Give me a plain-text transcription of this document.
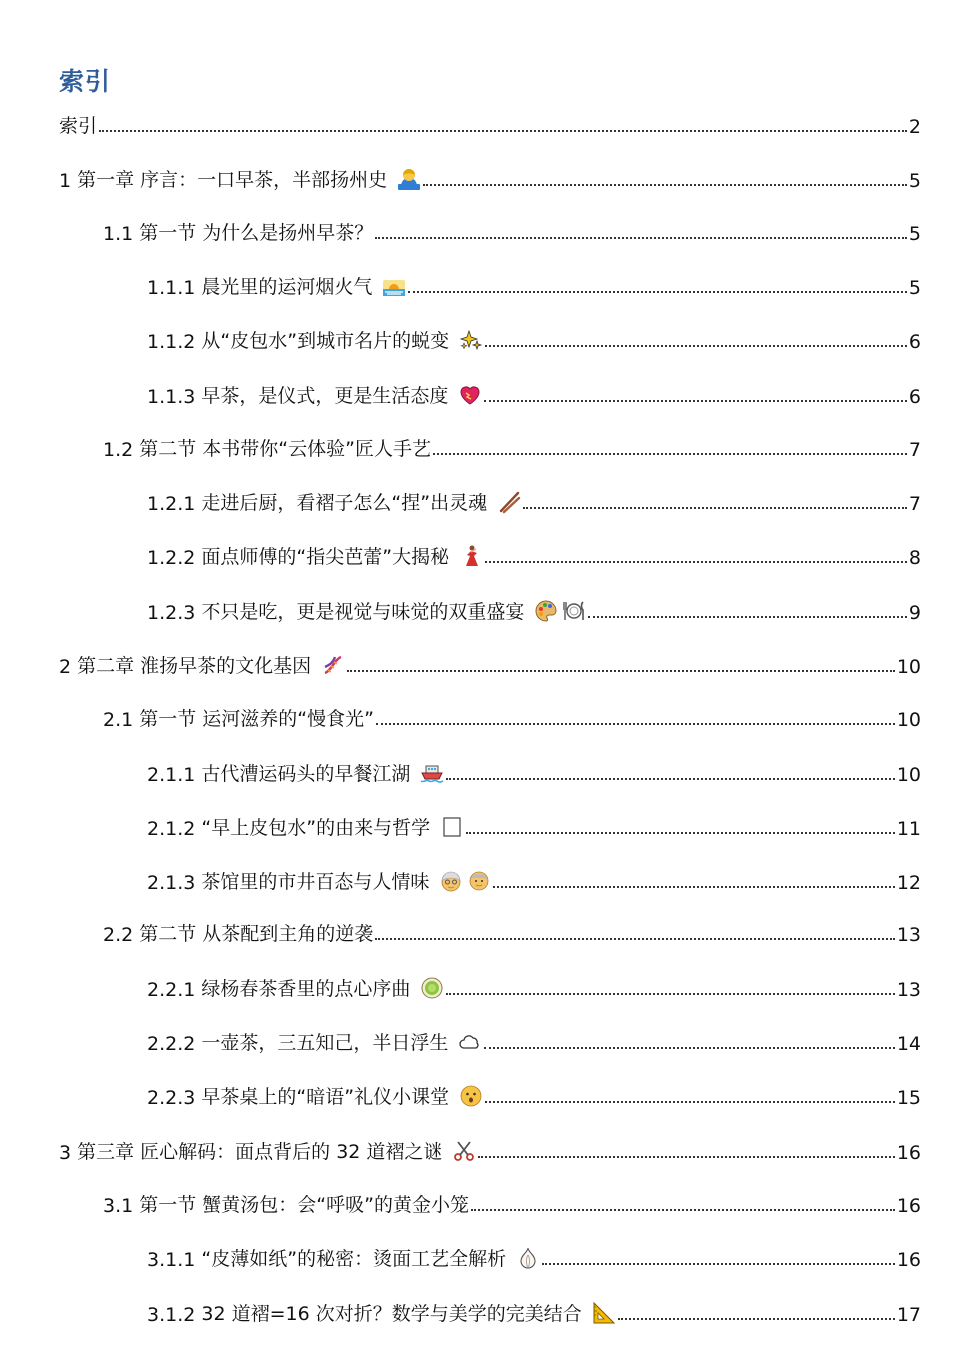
索引
索引	2
1 第一章 序言：一口早茶，半部扬州史	5
1.1 第一节 为什么是扬州早茶？	5
1.1.1 晨光里的运河烟火气	5
1.1.2 从“皮包水”到城市名片的蜕变	6
1.1.3 早茶，是仪式，更是生活态度	6
1.2 第二节 本书带你“云体验”匠人手艺	7
1.2.1 走进后厨，看褶子怎么“捏”出灵魂	7
1.2.2 面点师傅的“指尖芭蕾”大揭秘	8
1.2.3 不只是吃，更是视觉与味觉的双重盛宴	9
2 第二章 淮扬早茶的文化基因	10
2.1 第一节 运河滋养的“慢食光”	10
2.1.1 古代漕运码头的早餐江湖	10
2.1.2 “早上皮包水”的由来与哲学	11
2.1.3 茶馆里的市井百态与人情味	12
2.2 第二节 从茶配到主角的逆袭	13
2.2.1 绿杨春茶香里的点心序曲	13
2.2.2 一壶茶，三五知己，半日浮生	14
2.2.3 早茶桌上的“暗语”礼仪小课堂	15
3 第三章 匠心解码：面点背后的 32 道褶之谜	16
3.1 第一节 蟹黄汤包：会“呼吸”的黄金小笼	16
3.1.1 “皮薄如纸”的秘密：烫面工艺全解析	16
3.1.2 32 道褶=16 次对折？数学与美学的完美结合	17
